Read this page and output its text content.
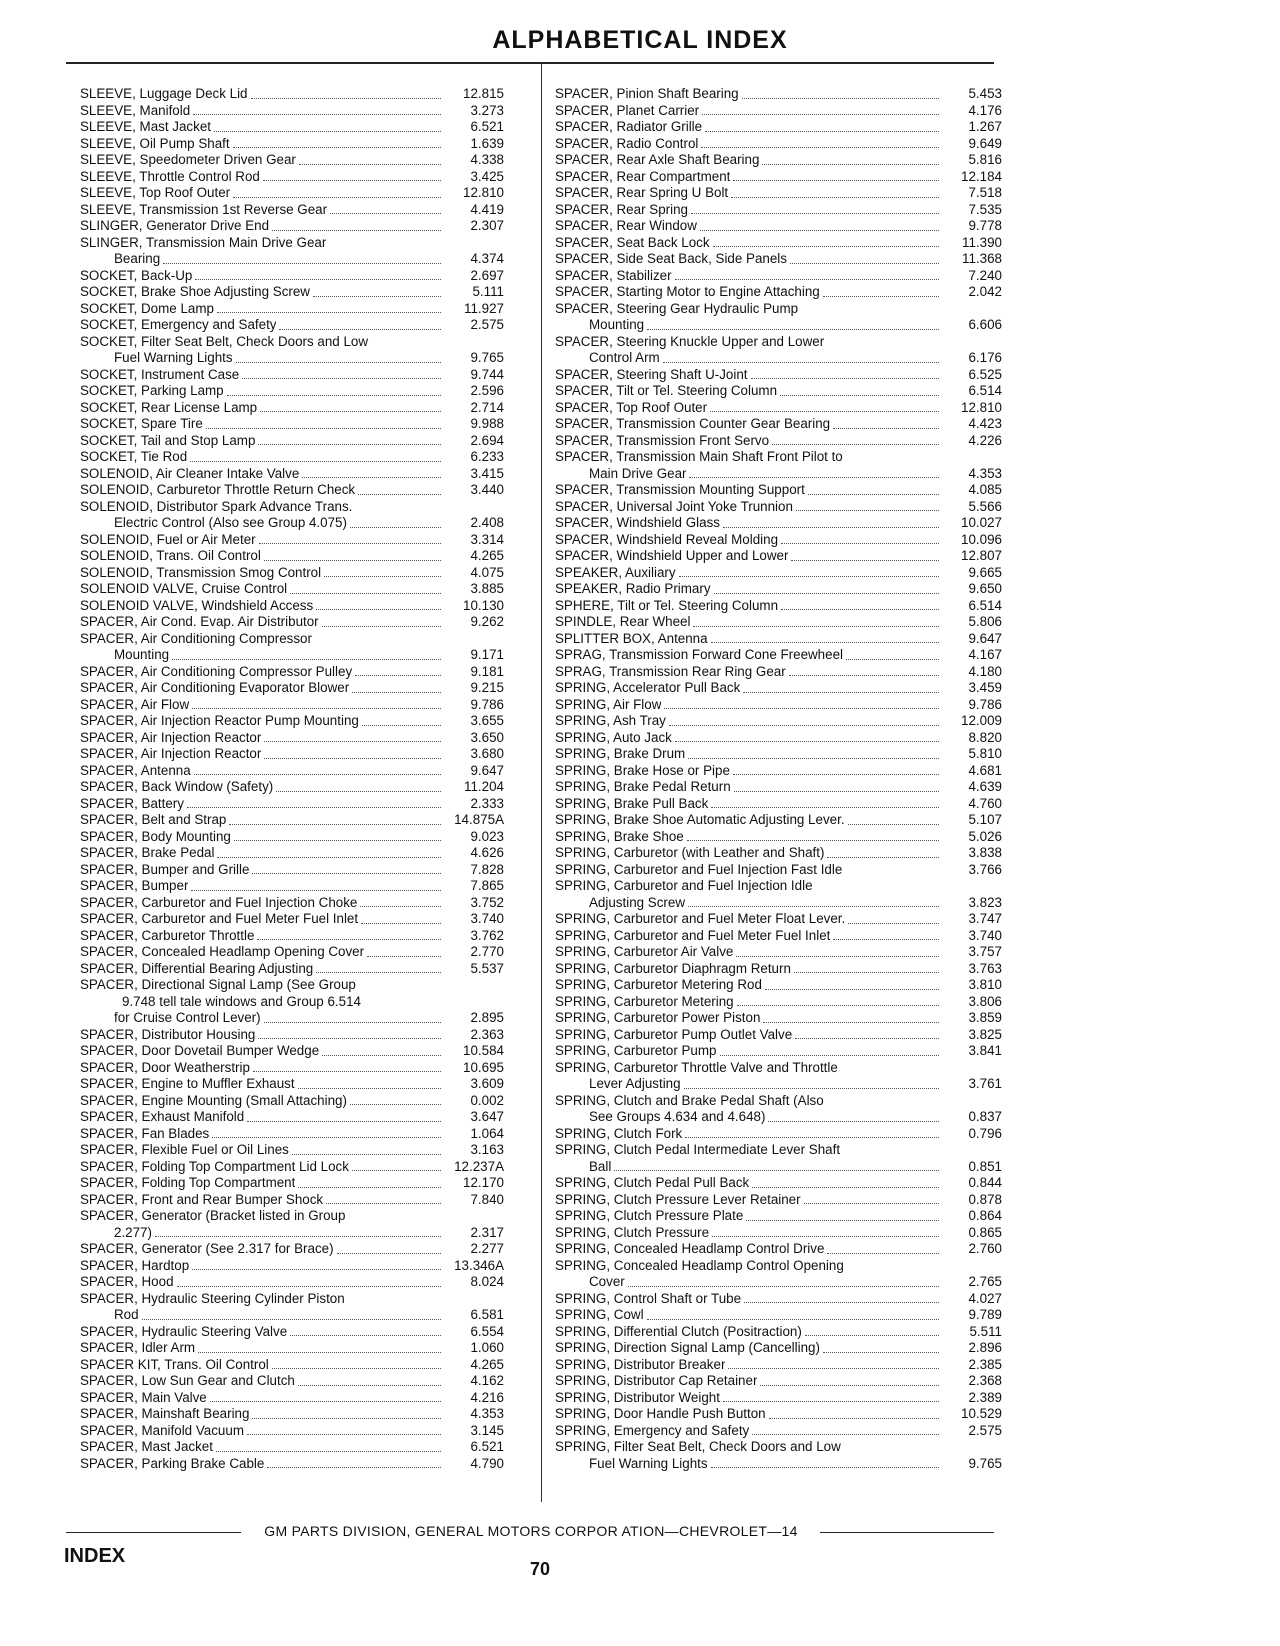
ALPHABETICAL INDEX
SLEEVE, Luggage Deck Lid	12.815
SLEEVE, Manifold	3.273
SLEEVE, Mast Jacket	6.521
SLEEVE, Oil Pump Shaft	1.639
SLEEVE, Speedometer Driven Gear	4.338
SLEEVE, Throttle Control Rod	3.425
SLEEVE, Top Roof Outer	12.810
SLEEVE, Transmission 1st Reverse Gear	4.419
SLINGER, Generator Drive End	2.307
SLINGER, Transmission Main Drive Gear
Bearing	4.374
SOCKET, Back-Up	2.697
SOCKET, Brake Shoe Adjusting Screw	5.111
SOCKET, Dome Lamp	11.927
SOCKET, Emergency and Safety	2.575
SOCKET, Filter Seat Belt, Check Doors and Low
Fuel Warning Lights	9.765
SOCKET, Instrument Case	9.744
SOCKET, Parking Lamp	2.596
SOCKET, Rear License Lamp	2.714
SOCKET, Spare Tire	9.988
SOCKET, Tail and Stop Lamp	2.694
SOCKET, Tie Rod	6.233
SOLENOID, Air Cleaner Intake Valve	3.415
SOLENOID, Carburetor Throttle Return Check	3.440
SOLENOID, Distributor Spark Advance Trans.
Electric Control (Also see Group 4.075)	2.408
SOLENOID, Fuel or Air Meter	3.314
SOLENOID, Trans. Oil Control	4.265
SOLENOID, Transmission Smog Control	4.075
SOLENOID VALVE, Cruise Control	3.885
SOLENOID VALVE, Windshield Access	10.130
SPACER, Air Cond. Evap. Air Distributor	9.262
SPACER, Air Conditioning Compressor
Mounting	9.171
SPACER, Air Conditioning Compressor Pulley	9.181
SPACER, Air Conditioning Evaporator Blower	9.215
SPACER, Air Flow	9.786
SPACER, Air Injection Reactor Pump Mounting	3.655
SPACER, Air Injection Reactor	3.650
SPACER, Air Injection Reactor	3.680
SPACER, Antenna	9.647
SPACER, Back Window (Safety)	11.204
SPACER, Battery	2.333
SPACER, Belt and Strap	14.875A
SPACER, Body Mounting	9.023
SPACER, Brake Pedal	4.626
SPACER, Bumper and Grille	7.828
SPACER, Bumper	7.865
SPACER, Carburetor and Fuel Injection Choke	3.752
SPACER, Carburetor and Fuel Meter Fuel Inlet	3.740
SPACER, Carburetor Throttle	3.762
SPACER, Concealed Headlamp Opening Cover	2.770
SPACER, Differential Bearing Adjusting	5.537
SPACER, Directional Signal Lamp (See Group
9.748 tell tale windows and Group 6.514
for Cruise Control Lever)	2.895
SPACER, Distributor Housing	2.363
SPACER, Door Dovetail Bumper Wedge	10.584
SPACER, Door Weatherstrip	10.695
SPACER, Engine to Muffler Exhaust	3.609
SPACER, Engine Mounting (Small Attaching)	0.002
SPACER, Exhaust Manifold	3.647
SPACER, Fan Blades	1.064
SPACER, Flexible Fuel or Oil Lines	3.163
SPACER, Folding Top Compartment Lid Lock	12.237A
SPACER, Folding Top Compartment	12.170
SPACER, Front and Rear Bumper Shock	7.840
SPACER, Generator (Bracket listed in Group
2.277)	2.317
SPACER, Generator (See 2.317 for Brace)	2.277
SPACER, Hardtop	13.346A
SPACER, Hood	8.024
SPACER, Hydraulic Steering Cylinder Piston
Rod	6.581
SPACER, Hydraulic Steering Valve	6.554
SPACER, Idler Arm	1.060
SPACER KIT, Trans. Oil Control	4.265
SPACER, Low Sun Gear and Clutch	4.162
SPACER, Main Valve	4.216
SPACER, Mainshaft Bearing	4.353
SPACER, Manifold Vacuum	3.145
SPACER, Mast Jacket	6.521
SPACER, Parking Brake Cable	4.790
SPACER, Pinion Shaft Bearing	5.453
SPACER, Planet Carrier	4.176
SPACER, Radiator Grille	1.267
SPACER, Radio Control	9.649
SPACER, Rear Axle Shaft Bearing	5.816
SPACER, Rear Compartment	12.184
SPACER, Rear Spring U Bolt	7.518
SPACER, Rear Spring	7.535
SPACER, Rear Window	9.778
SPACER, Seat Back Lock	11.390
SPACER, Side Seat Back, Side Panels	11.368
SPACER, Stabilizer	7.240
SPACER, Starting Motor to Engine Attaching	2.042
SPACER, Steering Gear Hydraulic Pump
Mounting	6.606
SPACER, Steering Knuckle Upper and Lower
Control Arm	6.176
SPACER, Steering Shaft U-Joint	6.525
SPACER, Tilt or Tel. Steering Column	6.514
SPACER, Top Roof Outer	12.810
SPACER, Transmission Counter Gear Bearing	4.423
SPACER, Transmission Front Servo	4.226
SPACER, Transmission Main Shaft Front Pilot to
Main Drive Gear	4.353
SPACER, Transmission Mounting Support	4.085
SPACER, Universal Joint Yoke Trunnion	5.566
SPACER, Windshield Glass	10.027
SPACER, Windshield Reveal Molding	10.096
SPACER, Windshield Upper and Lower	12.807
SPEAKER, Auxiliary	9.665
SPEAKER, Radio Primary	9.650
SPHERE, Tilt or Tel. Steering Column	6.514
SPINDLE, Rear Wheel	5.806
SPLITTER BOX, Antenna	9.647
SPRAG, Transmission Forward Cone Freewheel	4.167
SPRAG, Transmission Rear Ring Gear	4.180
SPRING, Accelerator Pull Back	3.459
SPRING, Air Flow	9.786
SPRING, Ash Tray	12.009
SPRING, Auto Jack	8.820
SPRING, Brake Drum	5.810
SPRING, Brake Hose or Pipe	4.681
SPRING, Brake Pedal Return	4.639
SPRING, Brake Pull Back	4.760
SPRING, Brake Shoe Automatic Adjusting Lever.	5.107
SPRING, Brake Shoe	5.026
SPRING, Carburetor (with Leather and Shaft)	3.838
SPRING, Carburetor and Fuel Injection Fast Idle	3.766
SPRING, Carburetor and Fuel Injection Idle
Adjusting Screw	3.823
SPRING, Carburetor and Fuel Meter Float Lever.	3.747
SPRING, Carburetor and Fuel Meter Fuel Inlet	3.740
SPRING, Carburetor Air Valve	3.757
SPRING, Carburetor Diaphragm Return	3.763
SPRING, Carburetor Metering Rod	3.810
SPRING, Carburetor Metering	3.806
SPRING, Carburetor Power Piston	3.859
SPRING, Carburetor Pump Outlet Valve	3.825
SPRING, Carburetor Pump	3.841
SPRING, Carburetor Throttle Valve and Throttle
Lever Adjusting	3.761
SPRING, Clutch and Brake Pedal Shaft (Also
See Groups 4.634 and 4.648)	0.837
SPRING, Clutch Fork	0.796
SPRING, Clutch Pedal Intermediate Lever Shaft
Ball	0.851
SPRING, Clutch Pedal Pull Back	0.844
SPRING, Clutch Pressure Lever Retainer	0.878
SPRING, Clutch Pressure Plate	0.864
SPRING, Clutch Pressure	0.865
SPRING, Concealed Headlamp Control Drive	2.760
SPRING, Concealed Headlamp Control Opening
Cover	2.765
SPRING, Control Shaft or Tube	4.027
SPRING, Cowl	9.789
SPRING, Differential Clutch (Positraction)	5.511
SPRING, Direction Signal Lamp (Cancelling)	2.896
SPRING, Distributor Breaker	2.385
SPRING, Distributor Cap Retainer	2.368
SPRING, Distributor Weight	2.389
SPRING, Door Handle Push Button	10.529
SPRING, Emergency and Safety	2.575
SPRING, Filter Seat Belt, Check Doors and Low
Fuel Warning Lights	9.765
GM PARTS DIVISION, GENERAL MOTORS CORPOR ATION—CHEVROLET—14
INDEX
70
